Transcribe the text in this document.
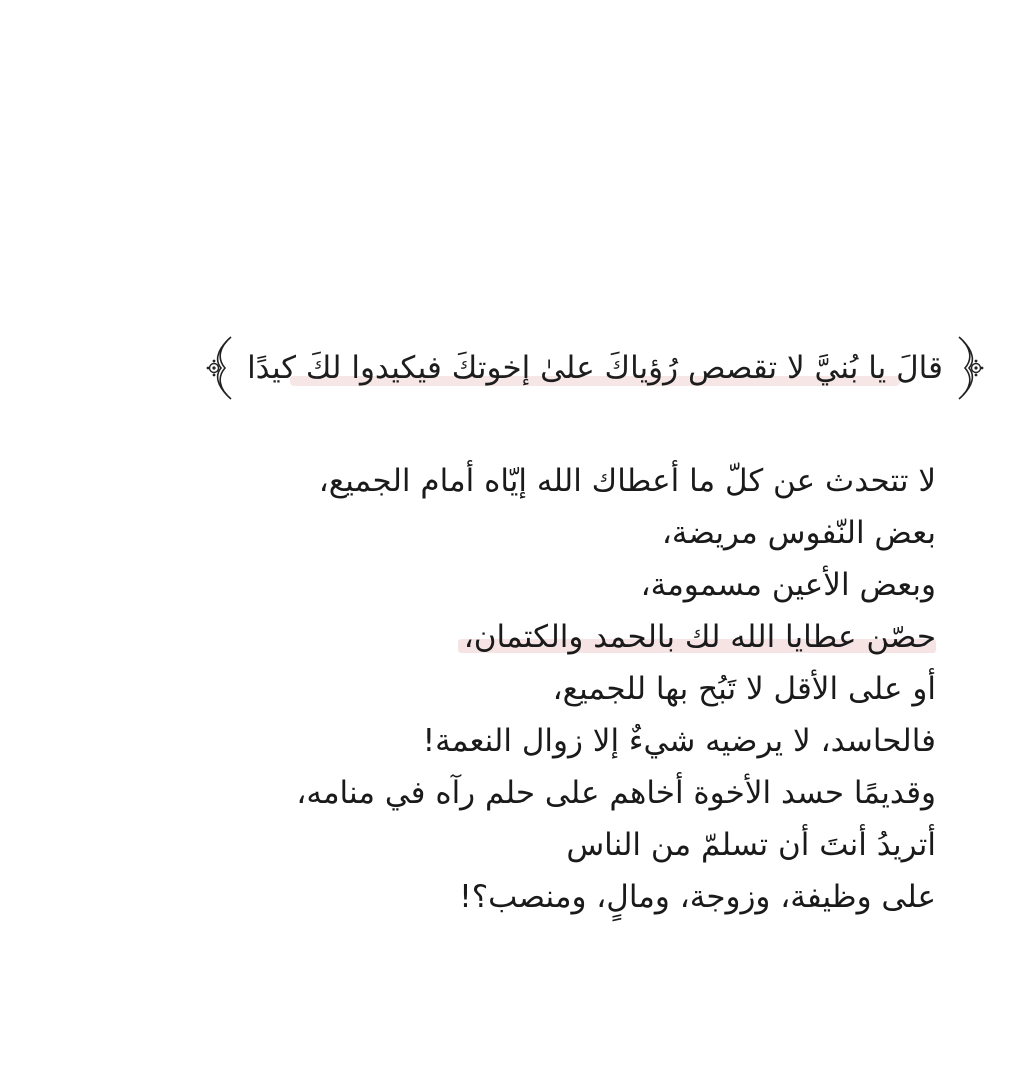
قالَ يا بُنيَّ لا تقصص رُؤياكَ علىٰ إخوتكَ فيكيدوا لكَ كيدًا
لا تتحدث عن كلّ ما أعطاك الله إيّاه أمام الجميع،
بعض النّفوس مريضة،
وبعض الأعين مسمومة،
حصّن عطايا الله لك بالحمد والكتمان،
أو على الأقل لا تَبُح بها للجميع،
فالحاسد، لا يرضيه شيءٌ إلا زوال النعمة!
وقديمًا حسد الأخوة أخاهم على حلم رآه في منامه،
أتريدُ أنتَ أن تسلمّ من الناس
على وظيفة، وزوجة، ومالٍ، ومنصب؟!
